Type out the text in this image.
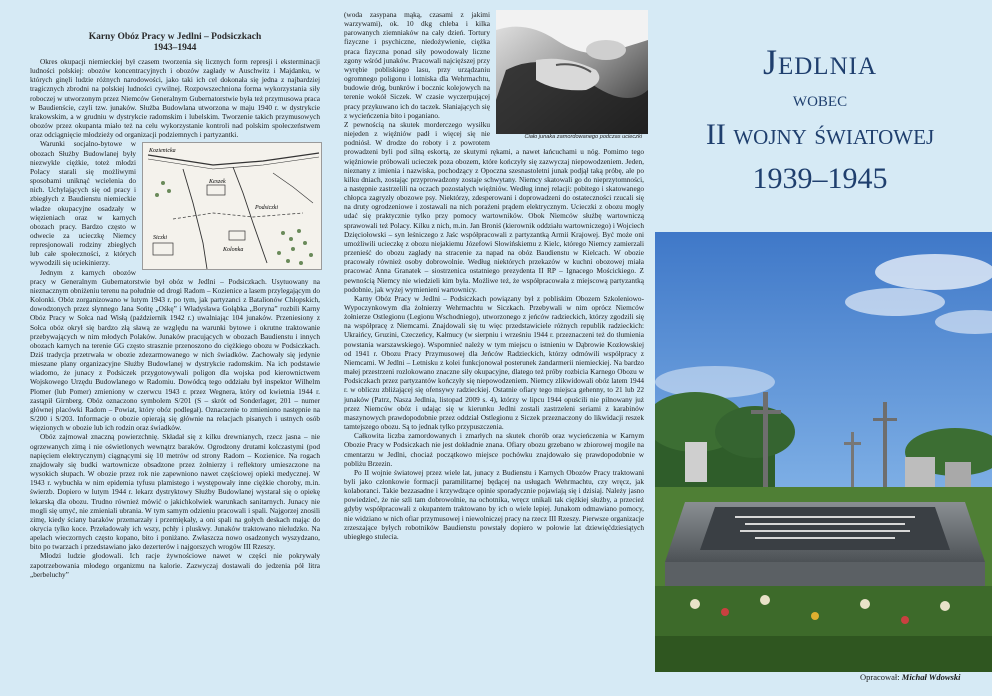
Karny Obóz Pracy w Jedlni – Podsiczkach
1943–1944

Okres okupacji niemieckiej był czasem tworzenia się licznych form represji i eksterminacji ludności polskiej: obozów koncentracyjnych i obozów zagłady w Auschwitz i Majdanku, w których ginęli ludzie różnych narodowości, jako taki ich cel dokonała się jedna z najbardziej tragicznych zbrodni na polskiej ludności cywilnej. Rozpowszechniona forma wykorzystania siły roboczej w utworzonym przez Niemców Generalnym Gubernatorstwie była też przymusowa praca w Baudienście, czyli tzw. junaków. Służba Budowlana utworzona w maju 1940 r. w dystrykcie krakowskim, a w grudniu w dystrykcie radomskim i lubelskim. Tworzenie takich przymusowych obozów przez okupanta miało też na celu wykorzystanie kontroli nad polskim społeczeństwem oraz odciągnięcie młodzieży od organizacji podziemnych i partyzantki.

Kozienicka
Keszek
Kolonka
Podsiczki
Siczki

Warunki socjalno-bytowe w obozach Służby Budowlanej były niezwykle ciężkie, toteż młodzi Polacy starali się możliwymi sposobami uniknąć wcielenia do nich. Uchylających się od pracy i zbiegłych z Baudienstu niemieckie władze okupacyjne osadzały w więzieniach oraz w karnych obozach pracy. Bardzo często w odwecie za ucieczkę Niemcy represjonowali rodziny zbiegłych lub całe społeczności, z których wywodzili się uciekinierzy.

Jednym z karnych obozów pracy w Generalnym Gubernatorstwie był obóz w Jedlni – Podsiczkach. Usytuowany na nieznacznym obniżeniu terenu na południe od drogi Radom – Kozienice a lasem przylegającym do Kolonki. Obóz zorganizowano w lutym 1943 r. po tym, jak partyzanci z Batalionów Chłopskich, dowodzonych przez słynnego Jana Sońtę „Ośkę” i Władysława Gołąbka „Boryna” rozbili Karny Obóz Pracy w Sołca nad Wisłą (październik 1942 r.) uwalniając 104 junaków. Przeniesiony z Sołca obóz okrył się bardzo złą sławą ze względu na warunki bytowe i okrutne traktowanie przebywających w nim młodych Polaków. Junaków pracujących w obozach Baudienstu i innych obozach karnych na terenie GG często strasznie przenoszono do ciężkiego obozu w Podsiczkach. Dziś tradycja przetrwała w obozie zdezarmowanego w nich świadków. Zachowały się jedynie mieszane plany organizacyjne Służby Budowlanej w dystrykcie radomskim. Na ich podstawie wiadomo, że junacy z Podsiczek przygotowywali poligon dla wojska pod kierownictwem Wojskowego Urzędu Budowlanego w Radomiu. Dowódcą tego oddziału był inspektor Wilhelm Plomer (lub Pomer) zmieniony w czerwcu 1943 r. przez Wegnera, który od kwietnia 1944 r. zastąpił Girnberg. Obóz oznaczono symbolem S/201 (S – skrót od Sonderlager, 201 – numer głównej placówki Radom – Powiat, który obóz podlegał). Oznaczenie to zmieniono następnie na S/200 i S/203. Informacje o obozie opierają się głównie na relacjach pisanych i ustnych osób więzionych w obozie lub ich rodzin oraz świadków.

Obóz zajmował znaczną powierzchnię. Składał się z kilku drewnianych, rzecz jasna – nie ogrzewanych zimą i nie oświetlonych wewnątrz baraków. Ogrodzony drutami kolczastymi (pod napięciem elektrycznym) ciągnącymi się 10 metrów od strony Radom – Kozienice. Na rogach znajdowały się budki wartownicze obsadzone przez żołnierzy i reflektory umieszczone na wysokich słupach. W obozie przez rok nie zapewniono nawet częściowej opieki medycznej. W 1943 r. wybuchła w nim epidemia tyfusu plamistego i występowały inne ciężkie choroby, m.in. świerzb. Dopiero w lutym 1944 r. lekarz dystryktowy Służby Budowlanej wystarał się o opiekę lekarską dla obozu. Trudno również mówić o jakichkolwiek warunkach sanitarnych. Junacy nie mogli się umyć, nie zmieniali ubrania. W tym samym odzieniu pracowali i spali. Najgorzej znosili zimę, kiedy ściany baraków przemarzały i przemiękały, a oni spali na gołych deskach mając do okrycia tylko koce. Przeładowały ich wszy, pchły i pluskwy. Junaków traktowano nieludzko. Na apelach wieczornych często kopano, bito i poniżano. Zwłaszcza nowo osadzonych wyszydzano, bito po twarzach i przedstawiano jako dezerterów i najgorszych wrogów III Rzeszy.

Młodzi ludzie głodowali. Ich racje żywnościowe nawet w części nie pokrywały zapotrzebowania młodego organizmu na kalorie. Zazwyczaj dostawali do jedzenia pół litra „berbeluchy”

Ciało junaka zamordowanego podczas ucieczki

(woda zasypana mąką, czasami z jakimi warzywami), ok. 10 dkg chleba i kilka parowanych ziemniaków na cały dzień. Tortury fizyczne i psychiczne, niedożywienie, ciężka praca fizyczna ponad siły powodowały liczne zgony wśród junaków. Pracowali najcięższej przy wyrębie pobliskiego lasu, przy urządzaniu ogromnego poligonu i lotniska dla Wehrmachtu, budowie dróg, bunkrów i bocznic kolejowych na terenie wokół Siczek. W czasie wyczerpującej pracy przykuwano ich do taczek. Słaniających się z wycieńczenia bito i poganiano.

Z pewnością na skutek morderczego wysiłku niejeden z więźniów padł i więcej się nie podniósł. W drodze do roboty i z powrotem prowadzeni byli pod silną eskortą, ze skutymi rękami, a nawet łańcuchami u nóg. Pomimo tego więźniowie próbowali ucieczek poza obozem, które kończyły się zazwyczaj niepowodzeniem. Jeden, nieznany z imienia i nazwiska, pochodzący z Opoczna szesnastoletni junak podjął taką próbę, ale po kilku dniach, zostając przyprowadzony zostaje schwytany. Niemcy skatowali go do nieprzytomności, a następnie zastrzelili na oczach pozostałych więźniów. Według innej relacji: pobitego i skatowanego chłopca zagryzły obozowe psy. Niektórzy, zdesperowani i doprowadzeni do ostateczności rzucali się na druty ogrodzeniowe i zostawali na nich porażeni prądem elektrycznym. Ucieczki z obozu mogły udać się praktycznie tylko przy pomocy wartowników. Obok Niemców służbę wartowniczą sprawowali też Polacy. Kilku z nich, m.in. Jan Broniś (kierownik oddziału wartowniczego) i Wojciech Dzięciołowski – syn leśniczego z Jaśc współpracowali z partyzantką Armii Krajowej. Być może oni umożliwili ucieczkę z obozu niejakiemu Józefowi Słowińskiemu z Kielc, którego Niemcy zamierzali przenieść do obozu zagłady na stracenie za napad na obóz Baudienstu w Kielcach. W obozie pracowały również osoby dobrowolnie. Według niektórych przekazów w kuchni obozowej miała pracować Anna Granatek – siostrzenica ostatniego prezydenta II RP – Ignacego Mościckiego. Z pewnością Niemcy nie wiedzieli kim była. Możliwe też, że współpracowała z miejscową partyzantką podobnie, jak wyżej wymienieni wartownicy.

Karny Obóz Pracy w Jedlni – Podsiczkach powiązany był z pobliskim Obozem Szkoleniowo-Wypoczynkowym dla żołnierzy Wehrmachtu w Siczkach. Przebywali w nim oprócz Niemców żołnierze Ostlegionu (Legionu Wschodniego), utworzonego z jeńców radzieckich, którzy zgodzili się na współpracę z Niemcami. Znajdowali się tu więc przedstawiciele różnych republik radzieckich: Ukraińcy, Gruzini, Czeczeńcy, Kałmucy (w sierpniu i wrześniu 1944 r. przeznaczeni też do tłumienia powstania warszawskiego). Wspomnieć należy w tym miejscu o istnieniu w Dąbrowie Kozłowskiej od 1941 r. Obozu Pracy Przymusowej dla Jeńców Radzieckich, którzy odmówili współpracy z Niemcami. W Jedlni – Letnisku z kolei funkcjonował posterunek żandarmerii niemieckiej. Na bardzo małej przestrzeni rozlokowano znaczne siły okupacyjne, dlatego też próby rozbicia Karnego Obozu w Podsiczkach przez partyzantów kończyły się niepowodzeniem. Niemcy zlikwidowali obóz latem 1944 r. w obliczu zbliżającej się ofensywy radzieckiej. Ostatnie ofiary tego miejsca gehenny, to 21 lub 22 junaków (Patrz, Nasza Jedlnia, listopad 2009 s. 4), którzy w lipcu 1944 opuścili nie pilnowany już przez Niemców obóz i udając się w kierunku Jedlni zostali zastrzeleni seriami z karabinów maszynowych prawdopodobnie przez oddział Ostlegionu z Siczek przeznaczony do likwidacji reszek tamtejszego obozu. Są to jednak tylko przypuszczenia.

Całkowita liczba zamordowanych i zmarłych na skutek chorób oraz wycieńczenia w Karnym Obozie Pracy w Podsiczkach nie jest dokładnie znana. Ofiary obozu grzebano w zbiorowej mogile na cmentarzu w Jedlni, chociaż początkowo miejsce pochówku znajdowało się prawdopodobnie w pobliżu Brzezin.

Po II wojnie światowej przez wiele lat, junacy z Budienstu i Karnych Obozów Pracy traktowani byli jako członkowie formacji paramilitarnej będącej na usługach Wehrmachtu, czy wręcz, jak kolaboranci. Takie bezzasadne i krzywdzące opinie sporadycznie pojawiają się i dzisiaj. Należy jasno powiedzieć, że nie szli tam dobrowolnie, na ochotnika, wręcz unikali tak ciężkiej służby, a przecież gdyby współpracowali z okupantem traktowano by ich o wiele lepiej. Junakom odmawiano pomocy, nie widziano w nich ofiar przymusowej i niewolniczej pracy na rzecz III Rzeszy. Pierwsze organizacje zrzeszające byłych robotników Baudienstu powstały dopiero w połowie lat dziewięćdziesiątych ubiegłego stulecia.

Jedlnia
wobec
II wojny światowej
1939–1945
Opracował: Michał Wdowski
